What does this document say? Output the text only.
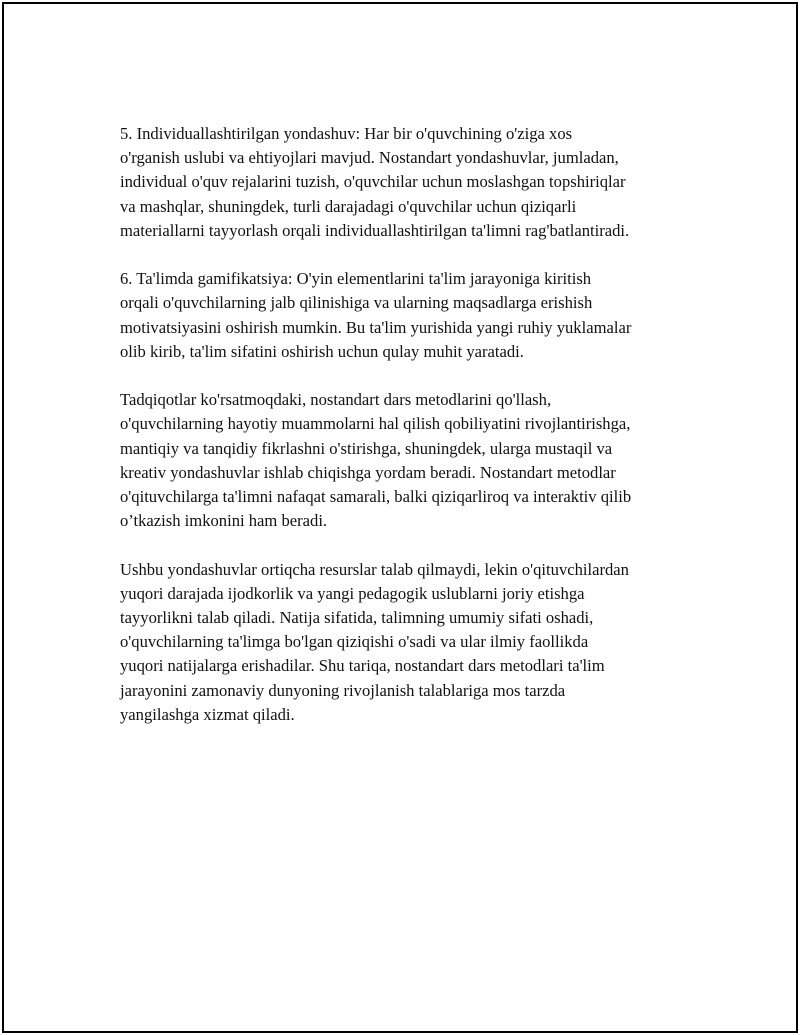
5. Individuallashtirilgan yondashuv: Har bir o'quvchining o'ziga xos
o'rganish uslubi va ehtiyojlari mavjud. Nostandart yondashuvlar, jumladan,
individual o'quv rejalarini tuzish, o'quvchilar uchun moslashgan topshiriqlar
va mashqlar, shuningdek, turli darajadagi o'quvchilar uchun qiziqarli
materiallarni tayyorlash orqali individuallashtirilgan ta'limni rag'batlantiradi.

6. Ta'limda gamifikatsiya: O'yin elementlarini ta'lim jarayoniga kiritish
orqali o'quvchilarning jalb qilinishiga va ularning maqsadlarga erishish
motivatsiyasini oshirish mumkin. Bu ta'lim yurishida yangi ruhiy yuklamalar
olib kirib, ta'lim sifatini oshirish uchun qulay muhit yaratadi.

Tadqiqotlar ko'rsatmoqdaki, nostandart dars metodlarini qo'llash,
o'quvchilarning hayotiy muammolarni hal qilish qobiliyatini rivojlantirishga,
mantiqiy va tanqidiy fikrlashni o'stirishga, shuningdek, ularga mustaqil va
kreativ yondashuvlar ishlab chiqishga yordam beradi. Nostandart metodlar
o'qituvchilarga ta'limni nafaqat samarali, balki qiziqarliroq va interaktiv qilib
o’tkazish imkonini ham beradi.

Ushbu yondashuvlar ortiqcha resurslar talab qilmaydi, lekin o'qituvchilardan
yuqori darajada ijodkorlik va yangi pedagogik uslublarni joriy etishga
tayyorlikni talab qiladi. Natija sifatida, talimning umumiy sifati oshadi,
o'quvchilarning ta'limga bo'lgan qiziqishi o'sadi va ular ilmiy faollikda
yuqori natijalarga erishadilar. Shu tariqa, nostandart dars metodlari ta'lim
jarayonini zamonaviy dunyoning rivojlanish talablariga mos tarzda
yangilashga xizmat qiladi.
